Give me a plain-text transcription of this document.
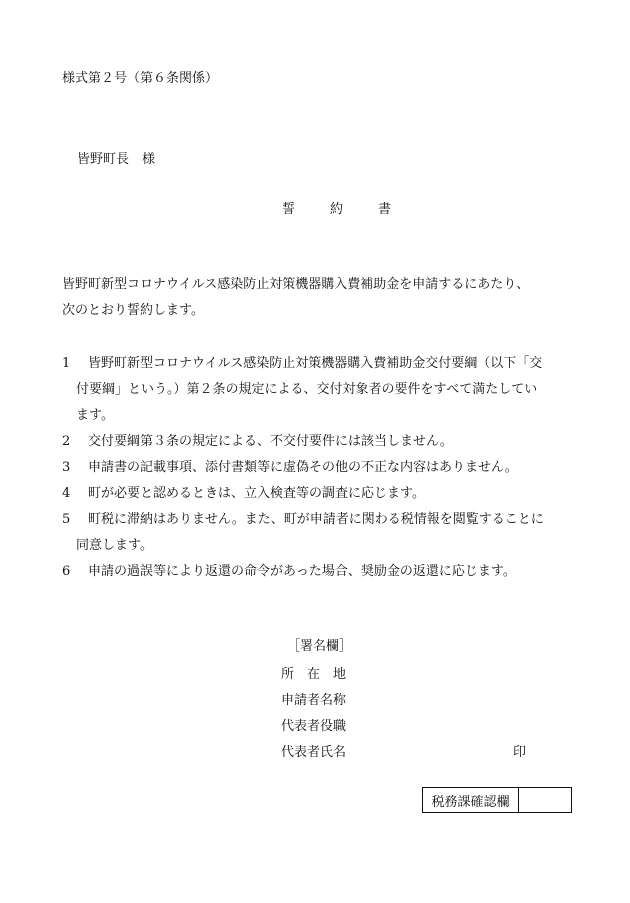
様式第２号（第６条関係）
皆野町長　様
誓　約　書
皆野町新型コロナウイルス感染防止対策機器購入費補助金を申請するにあたり、
次のとおり誓約します。
1 皆野町新型コロナウイルス感染防止対策機器購入費補助金交付要綱（以下「交
付要綱」という。）第２条の規定による、交付対象者の要件をすべて満たしてい
ます。
2 交付要綱第３条の規定による、不交付要件には該当しません。
3 申請書の記載事項、添付書類等に虚偽その他の不正な内容はありません。
4 町が必要と認めるときは、立入検査等の調査に応じます。
5 町税に滞納はありません。また、町が申請者に関わる税情報を閲覧することに
同意します。
6 申請の過誤等により返還の命令があった場合、奨励金の返還に応じます。
［署名欄］
所　在　地
申請者名称
代表者役職
代表者氏名	印
税務課確認欄
